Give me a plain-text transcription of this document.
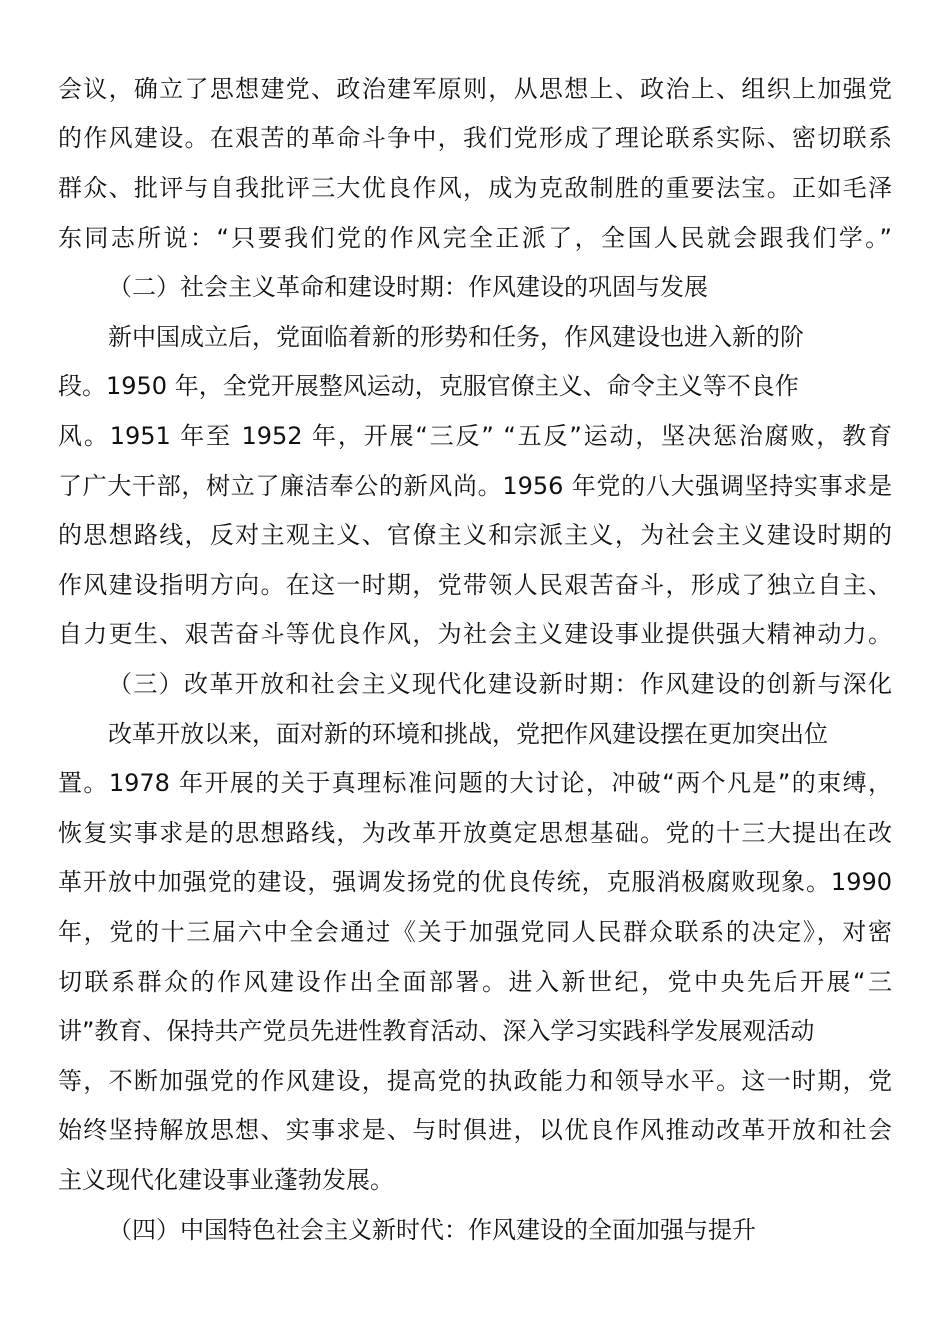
会议，确立了思想建党、政治建军原则，从思想上、政治上、组织上加强党
的作风建设。在艰苦的革命斗争中，我们党形成了理论联系实际、密切联系
群众、批评与自我批评三大优良作风，成为克敌制胜的重要法宝。正如毛泽
东同志所说：“只要我们党的作风完全正派了，全国人民就会跟我们学。”
（二）社会主义革命和建设时期：作风建设的巩固与发展
新中国成立后，党面临着新的形势和任务，作风建设也进入新的阶
段。1950 年，全党开展整风运动，克服官僚主义、命令主义等不良作
风。1951 年至 1952 年，开展“三反” “五反”运动，坚决惩治腐败，教育
了广大干部，树立了廉洁奉公的新风尚。1956 年党的八大强调坚持实事求是
的思想路线，反对主观主义、官僚主义和宗派主义，为社会主义建设时期的
作风建设指明方向。在这一时期，党带领人民艰苦奋斗，形成了独立自主、
自力更生、艰苦奋斗等优良作风，为社会主义建设事业提供强大精神动力。
（三）改革开放和社会主义现代化建设新时期：作风建设的创新与深化
改革开放以来，面对新的环境和挑战，党把作风建设摆在更加突出位
置。1978 年开展的关于真理标准问题的大讨论，冲破“两个凡是”的束缚，
恢复实事求是的思想路线，为改革开放奠定思想基础。党的十三大提出在改
革开放中加强党的建设，强调发扬党的优良传统，克服消极腐败现象。1990
年，党的十三届六中全会通过《关于加强党同人民群众联系的决定》，对密
切联系群众的作风建设作出全面部署。进入新世纪，党中央先后开展“三
讲”教育、保持共产党员先进性教育活动、深入学习实践科学发展观活动
等，不断加强党的作风建设，提高党的执政能力和领导水平。这一时期，党
始终坚持解放思想、实事求是、与时俱进，以优良作风推动改革开放和社会
主义现代化建设事业蓬勃发展。
（四）中国特色社会主义新时代：作风建设的全面加强与提升
